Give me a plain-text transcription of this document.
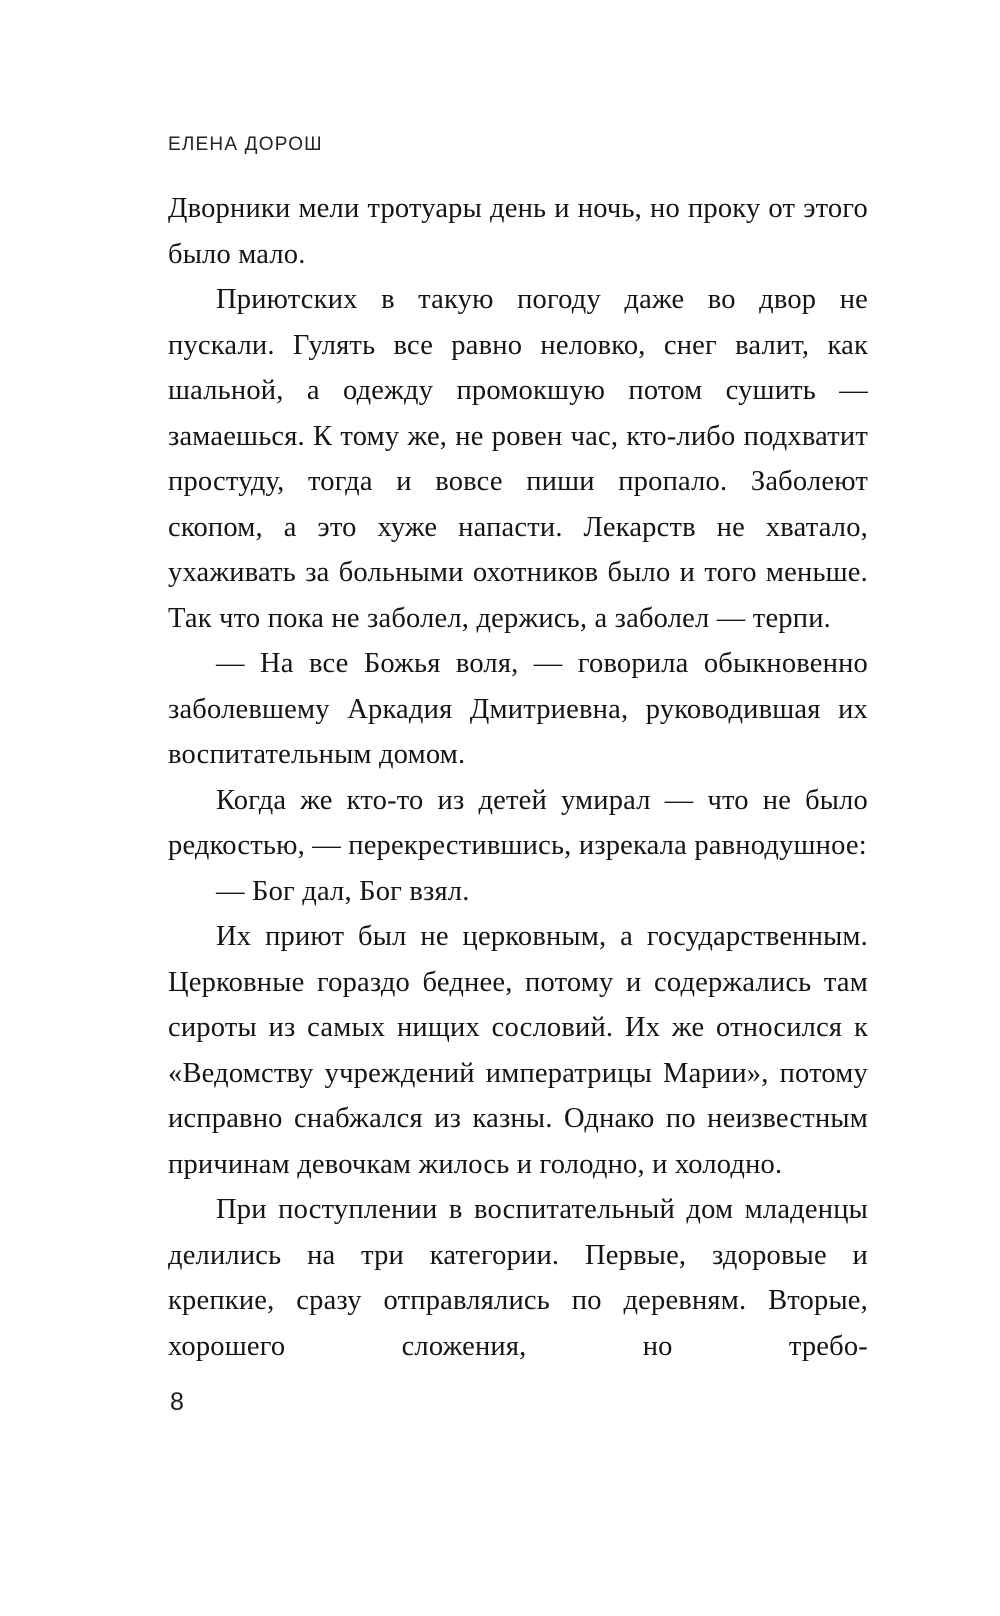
ЕЛЕНА ДОРОШ

Дворники мели тротуары день и ночь, но проку от этого было мало.

Приютских в такую погоду даже во двор не пускали. Гулять все равно неловко, снег валит, как шальной, а одежду промокшую потом сушить — замаешься. К тому же, не ровен час, кто-либо подхватит простуду, тогда и вовсе пиши пропало. Заболеют скопом, а это хуже напасти. Лекарств не хватало, ухаживать за больными охотников было и того меньше. Так что пока не заболел, держись, а заболел — терпи.

— На все Божья воля, — говорила обыкновенно заболевшему Аркадия Дмитриевна, руководившая их воспитательным домом.

Когда же кто-то из детей умирал — что не было редкостью, — перекрестившись, изрекала равнодушное:

— Бог дал, Бог взял.

Их приют был не церковным, а государственным. Церковные гораздо беднее, потому и содержались там сироты из самых нищих сословий. Их же относился к «Ведомству учреждений императрицы Марии», потому исправно снабжался из казны. Однако по неизвестным причинам девочкам жилось и голодно, и холодно.

При поступлении в воспитательный дом младенцы делились на три категории. Первые, здоровые и крепкие, сразу отправлялись по деревням. Вторые, хорошего сложения, но требо-

8
